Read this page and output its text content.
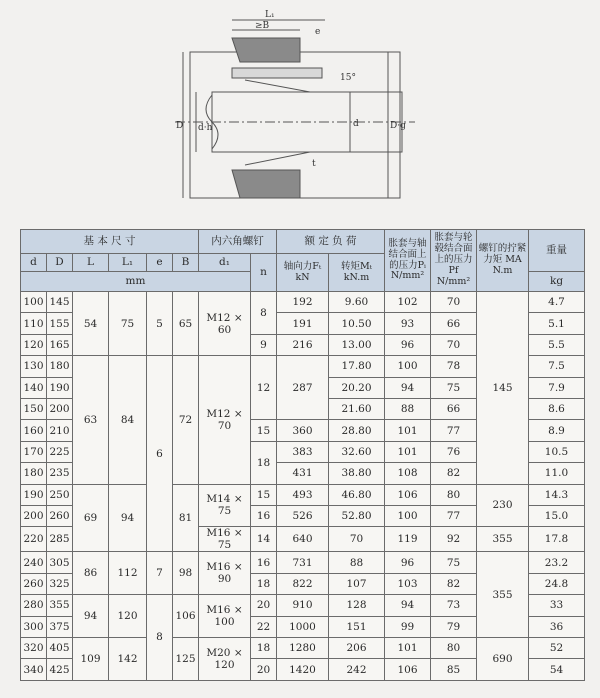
L₁
≥B
e
15°
D d·h	d	D·g
t
基 本 尺 寸						内六角螺钉		额 定 负 荷		胀套与轴结合面上的压力Pᵢ N/mm²	胀套与轮毂结合面上的压力Pf N/mm²	螺钉的拧紧力矩 MA N.m	重量
d	D	L	L₁	e	B	d₁	n	轴向力Fₜ kN	转矩Mₜ kN.m				
mm													kg
100	145	54	75	5	65	M12 × 60	8	192	9.60	102	70	145	4.7
110	155							191	10.50	93	66		5.1
120	165						9	216	13.00	96	70		5.5
130	180	63	84	6	72	M12 × 70	12	287	17.80	100	78		7.5
140	190								20.20	94	75		7.9
150	200								21.60	88	66		8.6
160	210						15	360	28.80	101	77		8.9
170	225						18	383	32.60	101	76		10.5
180	235							431	38.80	108	82		11.0
190	250	69	94		81	M14 × 75	15	493	46.80	106	80	230	14.3
200	260						16	526	52.80	100	77		15.0
220	285					M16 × 75	14	640	70	119	92	355	17.8
240	305	86	112	7	98	M16 × 90	16	731	88	96	75	355	23.2
260	325						18	822	107	103	82		24.8
280	355	94	120	8	106	M16 × 100	20	910	128	94	73		33
300	375						22	1000	151	99	79		36
320	405	109	142		125	M20 × 120	18	1280	206	101	80	690	52
340	425						20	1420	242	106	85		54
